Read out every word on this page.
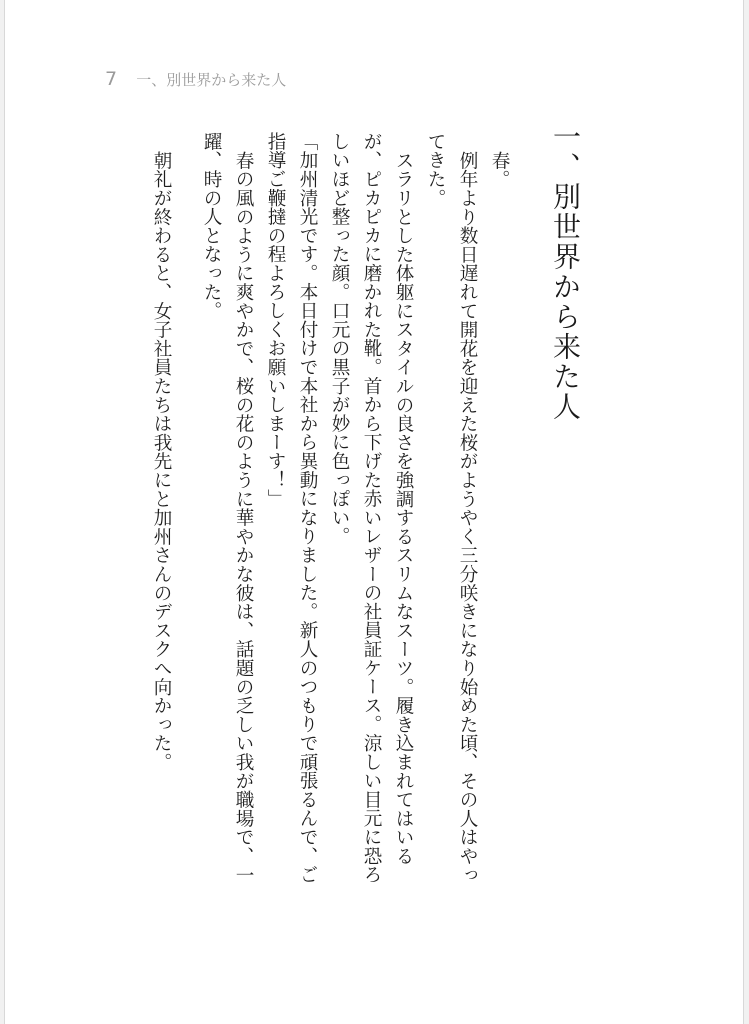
7 一、別世界から来た人
一、別世界から来た人

春。

例年より数日遅れて開花を迎えた桜がようやく三分咲きになり始めた頃、その人はやってきた。

スラリとした体躯にスタイルの良さを強調するスリムなスーツ。履き込まれてはいるが、ピカピカに磨かれた靴。首から下げた赤いレザーの社員証ケース。涼しい目元に恐ろしいほど整った顔。口元の黒子が妙に色っぽい。

「加州清光です。本日付けで本社から異動になりました。新人のつもりで頑張るんで、ご指導ご鞭撻の程よろしくお願いしまーす！」

春の風のように爽やかで、桜の花のように華やかな彼は、話題の乏しい我が職場で、一躍、時の人となった。

朝礼が終わると、女子社員たちは我先にと加州さんのデスクへ向かった。
